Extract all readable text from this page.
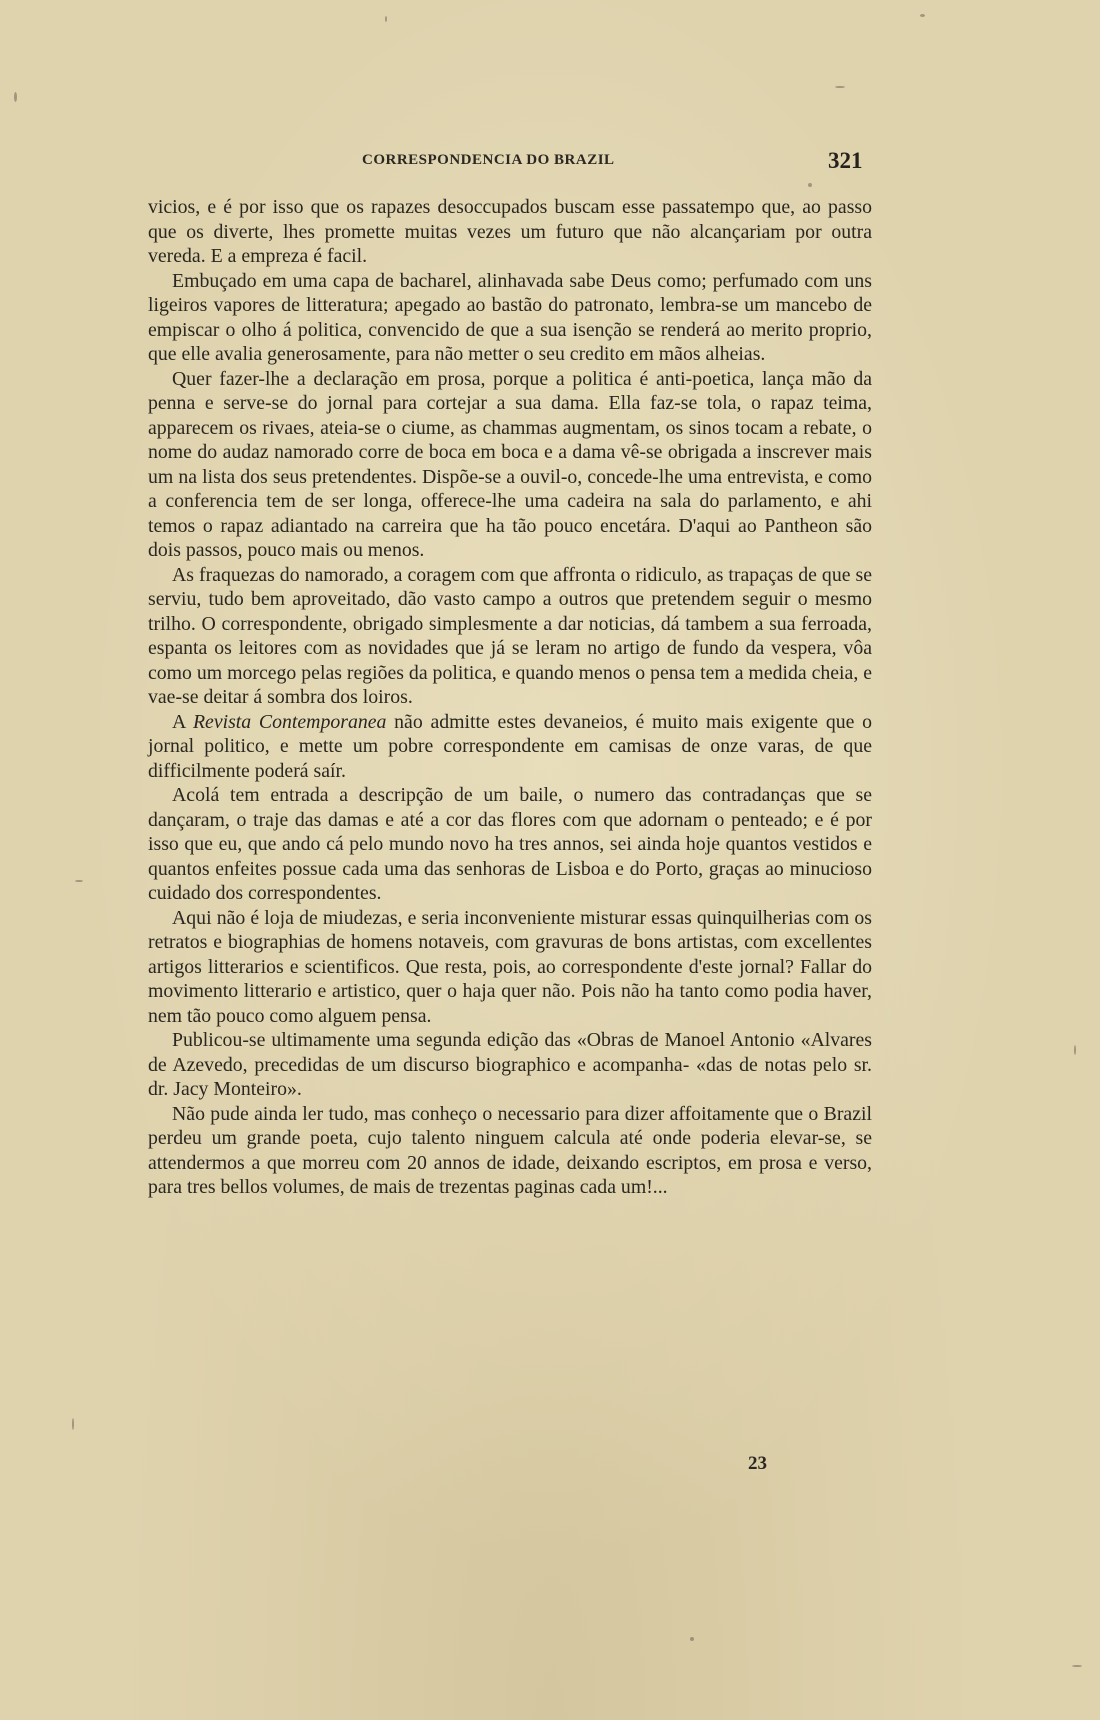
CORRESPONDENCIA DO BRAZIL	321

vicios, e é por isso que os rapazes desoccupados buscam esse passatempo que, ao passo que os diverte, lhes promette muitas vezes um futuro que não alcançariam por outra vereda. E a empreza é facil.

Embuçado em uma capa de bacharel, alinhavada sabe Deus como; perfumado com uns ligeiros vapores de litteratura; apegado ao bastão do patronato, lembra-se um mancebo de empiscar o olho á politica, convencido de que a sua isenção se renderá ao merito proprio, que elle avalia generosamente, para não metter o seu credito em mãos alheias.

Quer fazer-lhe a declaração em prosa, porque a politica é anti-poetica, lança mão da penna e serve-se do jornal para cortejar a sua dama. Ella faz-se tola, o rapaz teima, apparecem os rivaes, ateia-se o ciume, as chammas augmentam, os sinos tocam a rebate, o nome do audaz namorado corre de boca em boca e a dama vê-se obrigada a inscrever mais um na lista dos seus pretendentes. Dispõe-se a ouvil-o, concede-lhe uma entrevista, e como a conferencia tem de ser longa, offerece-lhe uma cadeira na sala do parlamento, e ahi temos o rapaz adiantado na carreira que ha tão pouco encetára. D'aqui ao Pantheon são dois passos, pouco mais ou menos.

As fraquezas do namorado, a coragem com que affronta o ridiculo, as trapaças de que se serviu, tudo bem aproveitado, dão vasto campo a outros que pretendem seguir o mesmo trilho. O correspondente, obrigado simplesmente a dar noticias, dá tambem a sua ferroada, espanta os leitores com as novidades que já se leram no artigo de fundo da vespera, vôa como um morcego pelas regiões da politica, e quando menos o pensa tem a medida cheia, e vae-se deitar á sombra dos loiros.

A Revista Contemporanea não admitte estes devaneios, é muito mais exigente que o jornal politico, e mette um pobre correspondente em camisas de onze varas, de que difficilmente poderá saír.

Acolá tem entrada a descripção de um baile, o numero das contradanças que se dançaram, o traje das damas e até a cor das flores com que adornam o penteado; e é por isso que eu, que ando cá pelo mundo novo ha tres annos, sei ainda hoje quantos vestidos e quantos enfeites possue cada uma das senhoras de Lisboa e do Porto, graças ao minucioso cuidado dos correspondentes.

Aqui não é loja de miudezas, e seria inconveniente misturar essas quinquilherias com os retratos e biographias de homens notaveis, com gravuras de bons artistas, com excellentes artigos litterarios e scientificos. Que resta, pois, ao correspondente d'este jornal? Fallar do movimento litterario e artistico, quer o haja quer não. Pois não ha tanto como podia haver, nem tão pouco como alguem pensa.

Publicou-se ultimamente uma segunda edição das «Obras de Manoel Antonio «Alvares de Azevedo, precedidas de um discurso biographico e acompanha- «das de notas pelo sr. dr. Jacy Monteiro».

Não pude ainda ler tudo, mas conheço o necessario para dizer affoitamente que o Brazil perdeu um grande poeta, cujo talento ninguem calcula até onde poderia elevar-se, se attendermos a que morreu com 20 annos de idade, deixando escriptos, em prosa e verso, para tres bellos volumes, de mais de trezentas paginas cada um!...

23
